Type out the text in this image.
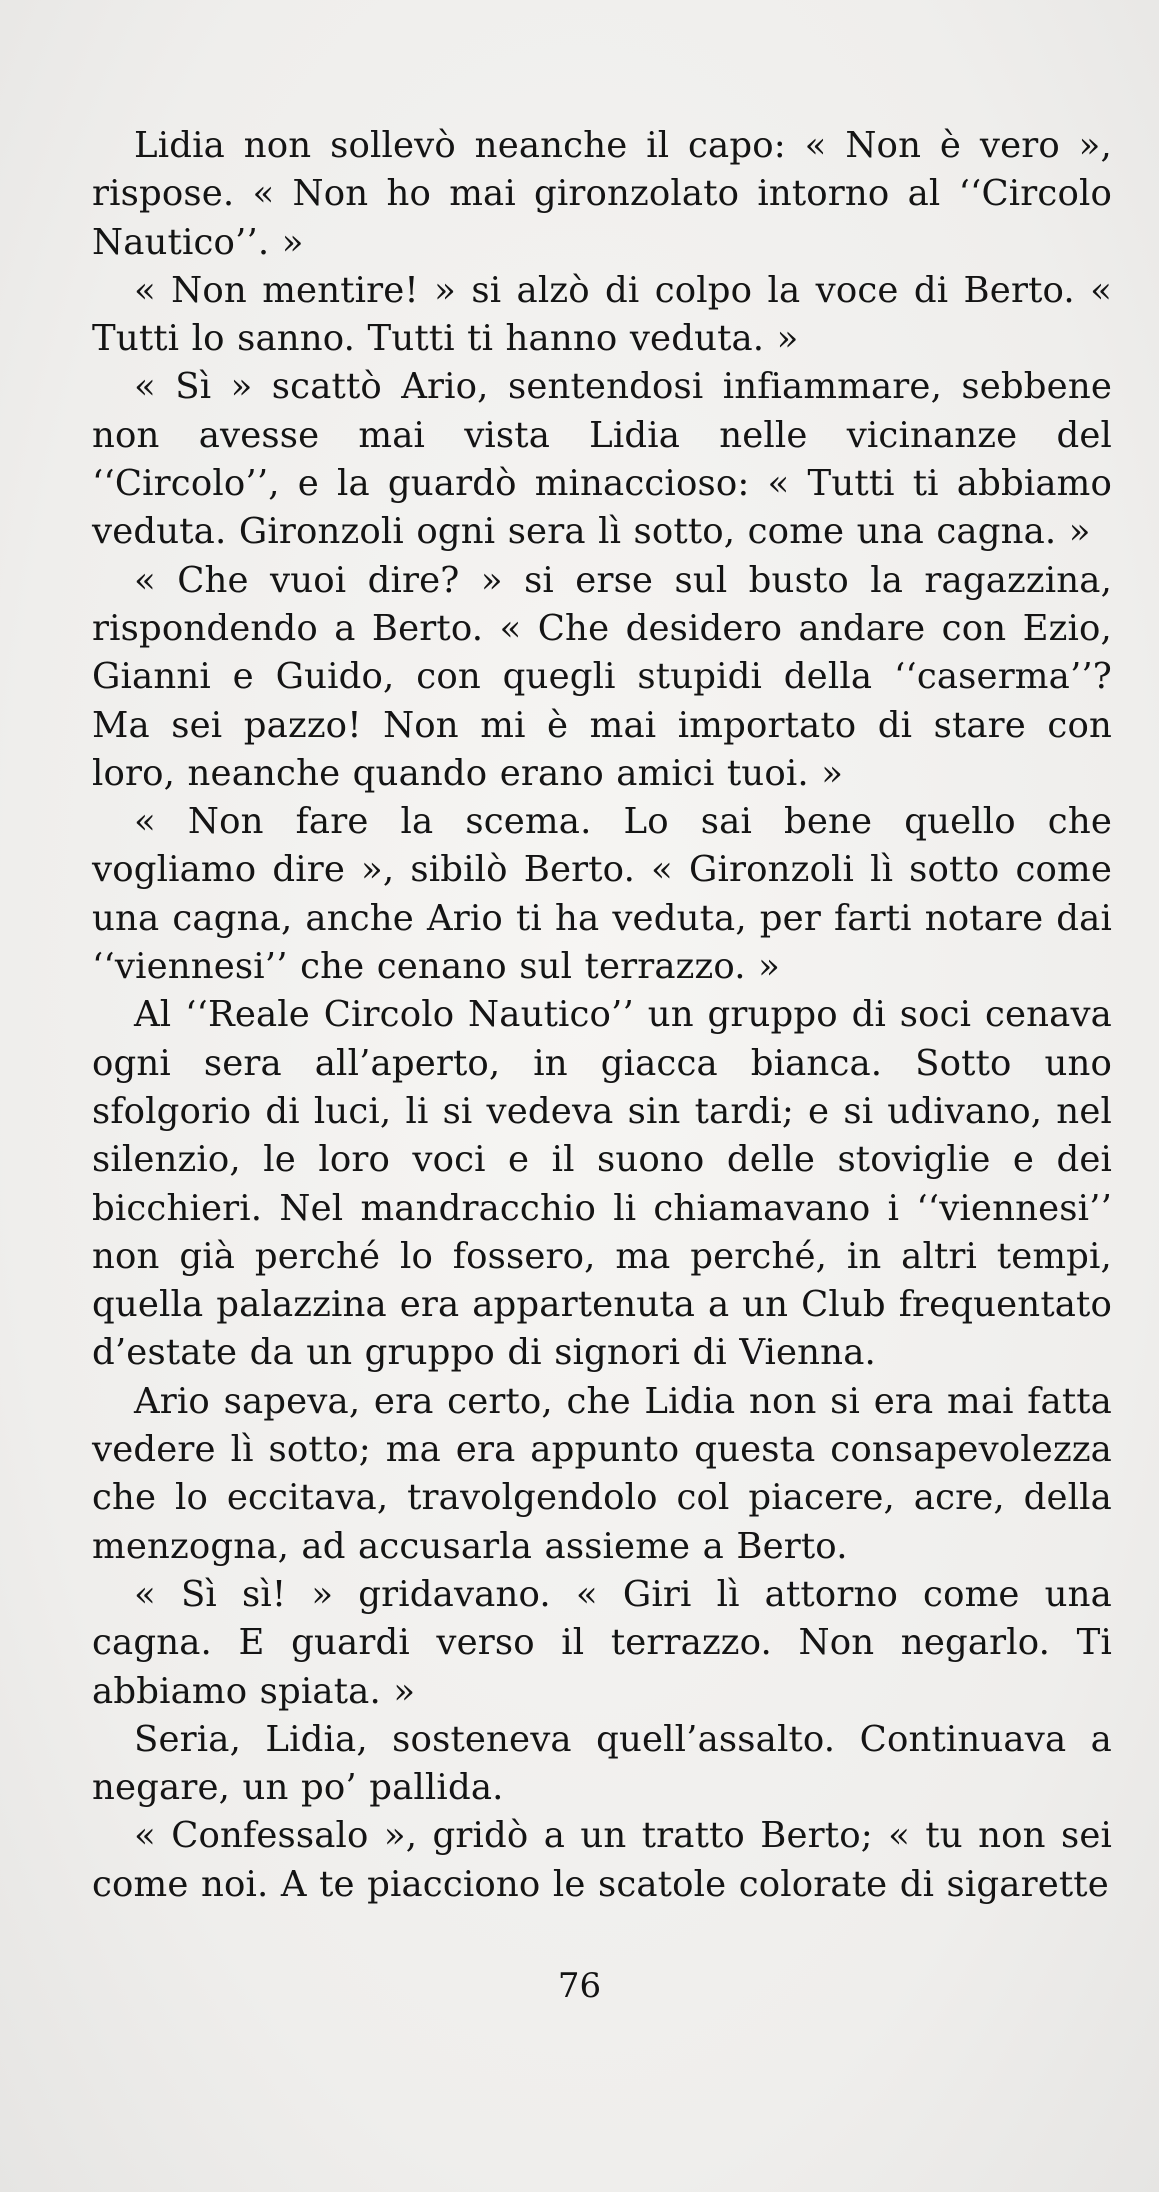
Lidia non sollevò neanche il capo: « Non è vero », rispose. « Non ho mai gironzolato intorno al ‘‘Circolo Nautico’’. »

« Non mentire! » si alzò di colpo la voce di Berto. « Tutti lo sanno. Tutti ti hanno veduta. »

« Sì » scattò Ario, sentendosi infiammare, sebbene non avesse mai vista Lidia nelle vicinanze del ‘‘Circolo’’, e la guardò minaccioso: « Tutti ti abbiamo veduta. Gironzoli ogni sera lì sotto, come una cagna. »

« Che vuoi dire? » si erse sul busto la ragazzina, rispondendo a Berto. « Che desidero andare con Ezio, Gianni e Guido, con quegli stupidi della ‘‘caserma’’? Ma sei pazzo! Non mi è mai importato di stare con loro, neanche quando erano amici tuoi. »

« Non fare la scema. Lo sai bene quello che vogliamo dire », sibilò Berto. « Gironzoli lì sotto come una cagna, anche Ario ti ha veduta, per farti notare dai ‘‘viennesi’’ che cenano sul terrazzo. »

Al ‘‘Reale Circolo Nautico’’ un gruppo di soci cenava ogni sera all’aperto, in giacca bianca. Sotto uno sfolgorio di luci, li si vedeva sin tardi; e si udivano, nel silenzio, le loro voci e il suono delle stoviglie e dei bicchieri. Nel mandracchio li chiamavano i ‘‘viennesi’’ non già perché lo fossero, ma perché, in altri tempi, quella palazzina era appartenuta a un Club frequentato d’estate da un gruppo di signori di Vienna.

Ario sapeva, era certo, che Lidia non si era mai fatta vedere lì sotto; ma era appunto questa consapevolezza che lo eccitava, travolgendolo col piacere, acre, della menzogna, ad accusarla assieme a Berto.

« Sì sì! » gridavano. « Giri lì attorno come una cagna. E guardi verso il terrazzo. Non negarlo. Ti abbiamo spiata. »

Seria, Lidia, sosteneva quell’assalto. Continuava a negare, un po’ pallida.

« Confessalo », gridò a un tratto Berto; « tu non sei come noi. A te piacciono le scatole colorate di sigarette

76
